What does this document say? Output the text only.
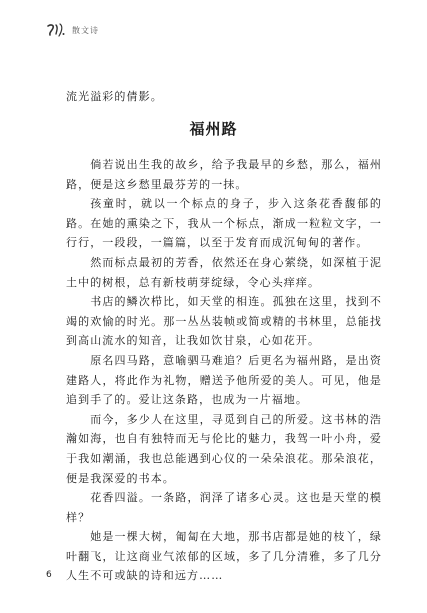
散文诗
流光溢彩的倩影。
福州路

倘若说出生我的故乡，给予我最早的乡愁，那么，福州路，便是这乡愁里最芬芳的一抹。

孩童时，就以一个标点的身子，步入这条花香馥郁的路。在她的熏染之下，我从一个标点，渐成一粒粒文字，一行行，一段段，一篇篇，以至于发育而成沉甸甸的著作。

然而标点最初的芳香，依然还在身心萦绕，如深植于泥土中的树根，总有新枝萌芽绽绿，令心头痒痒。

书店的鳞次栉比，如天堂的相连。孤独在这里，找到不竭的欢愉的时光。那一丛丛装帧或简或精的书林里，总能找到高山流水的知音，让我如饮甘泉，心如花开。

原名四马路，意喻驷马难追？后更名为福州路，是出资建路人，将此作为礼物，赠送予他所爱的美人。可见，他是追到手了的。爱让这条路，也成为一片福地。

而今，多少人在这里，寻觅到自己的所爱。这书林的浩瀚如海，也自有独特而无与伦比的魅力，我驾一叶小舟，爱于我如潮涌，我也总能遇到心仪的一朵朵浪花。那朵浪花，便是我深爱的书本。

花香四溢。一条路，润泽了诸多心灵。这也是天堂的模样？

她是一棵大树，匍匐在大地，那书店都是她的枝丫，绿叶翻飞，让这商业气浓郁的区域，多了几分清雅，多了几分人生不可或缺的诗和远方……

6
